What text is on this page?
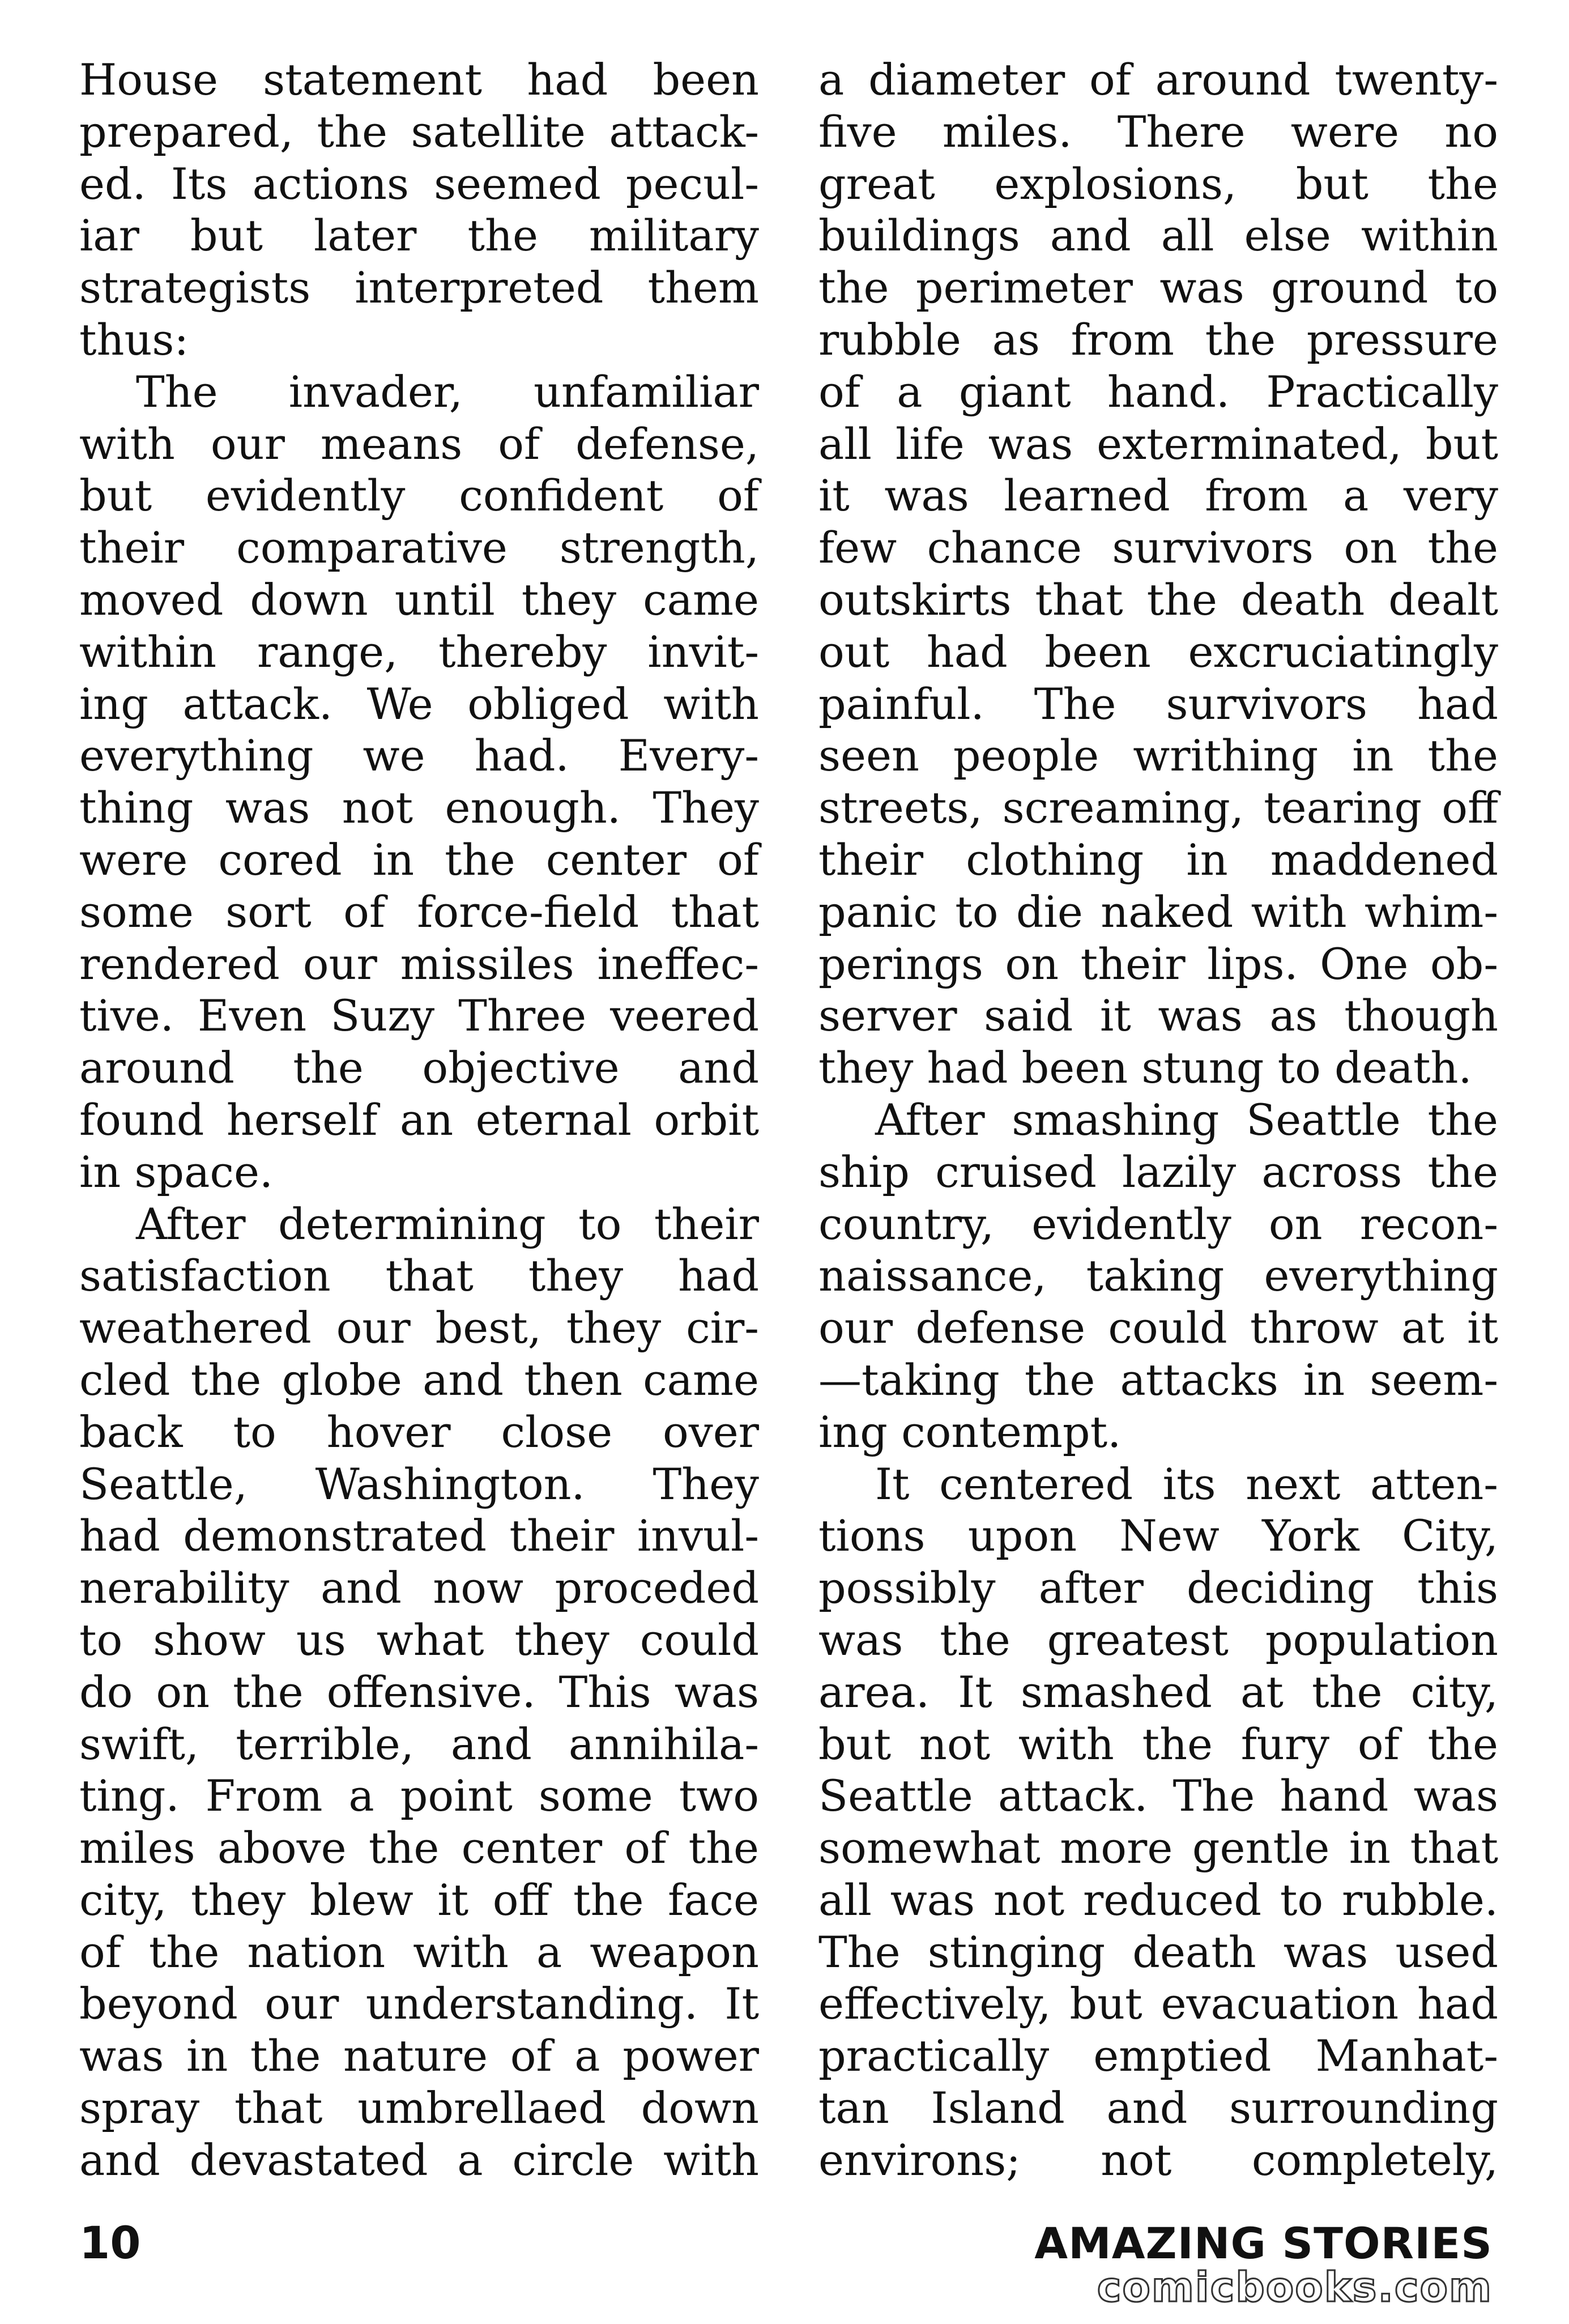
House statement had been
prepared, the satellite attack-
ed. Its actions seemed pecul-
iar but later the military
strategists interpreted them
thus:
The invader, unfamiliar
with our means of defense,
but evidently confident of
their comparative strength,
moved down until they came
within range, thereby invit-
ing attack. We obliged with
everything we had. Every-
thing was not enough. They
were cored in the center of
some sort of force-field that
rendered our missiles ineffec-
tive. Even Suzy Three veered
around the objective and
found herself an eternal orbit
in space.
After determining to their
satisfaction that they had
weathered our best, they cir-
cled the globe and then came
back to hover close over
Seattle, Washington. They
had demonstrated their invul-
nerability and now proceded
to show us what they could
do on the offensive. This was
swift, terrible, and annihila-
ting. From a point some two
miles above the center of the
city, they blew it off the face
of the nation with a weapon
beyond our understanding. It
was in the nature of a power
spray that umbrellaed down
and devastated a circle with
a diameter of around twenty-
five miles. There were no
great explosions, but the
buildings and all else within
the perimeter was ground to
rubble as from the pressure
of a giant hand. Practically
all life was exterminated, but
it was learned from a very
few chance survivors on the
outskirts that the death dealt
out had been excruciatingly
painful. The survivors had
seen people writhing in the
streets, screaming, tearing off
their clothing in maddened
panic to die naked with whim-
perings on their lips. One ob-
server said it was as though
they had been stung to death.
After smashing Seattle the
ship cruised lazily across the
country, evidently on recon-
naissance, taking everything
our defense could throw at it
—taking the attacks in seem-
ing contempt.
It centered its next atten-
tions upon New York City,
possibly after deciding this
was the greatest population
area. It smashed at the city,
but not with the fury of the
Seattle attack. The hand was
somewhat more gentle in that
all was not reduced to rubble.
The stinging death was used
effectively, but evacuation had
practically emptied Manhat-
tan Island and surrounding
environs; not completely,
10	AMAZING STORIES
comicbooks.com
